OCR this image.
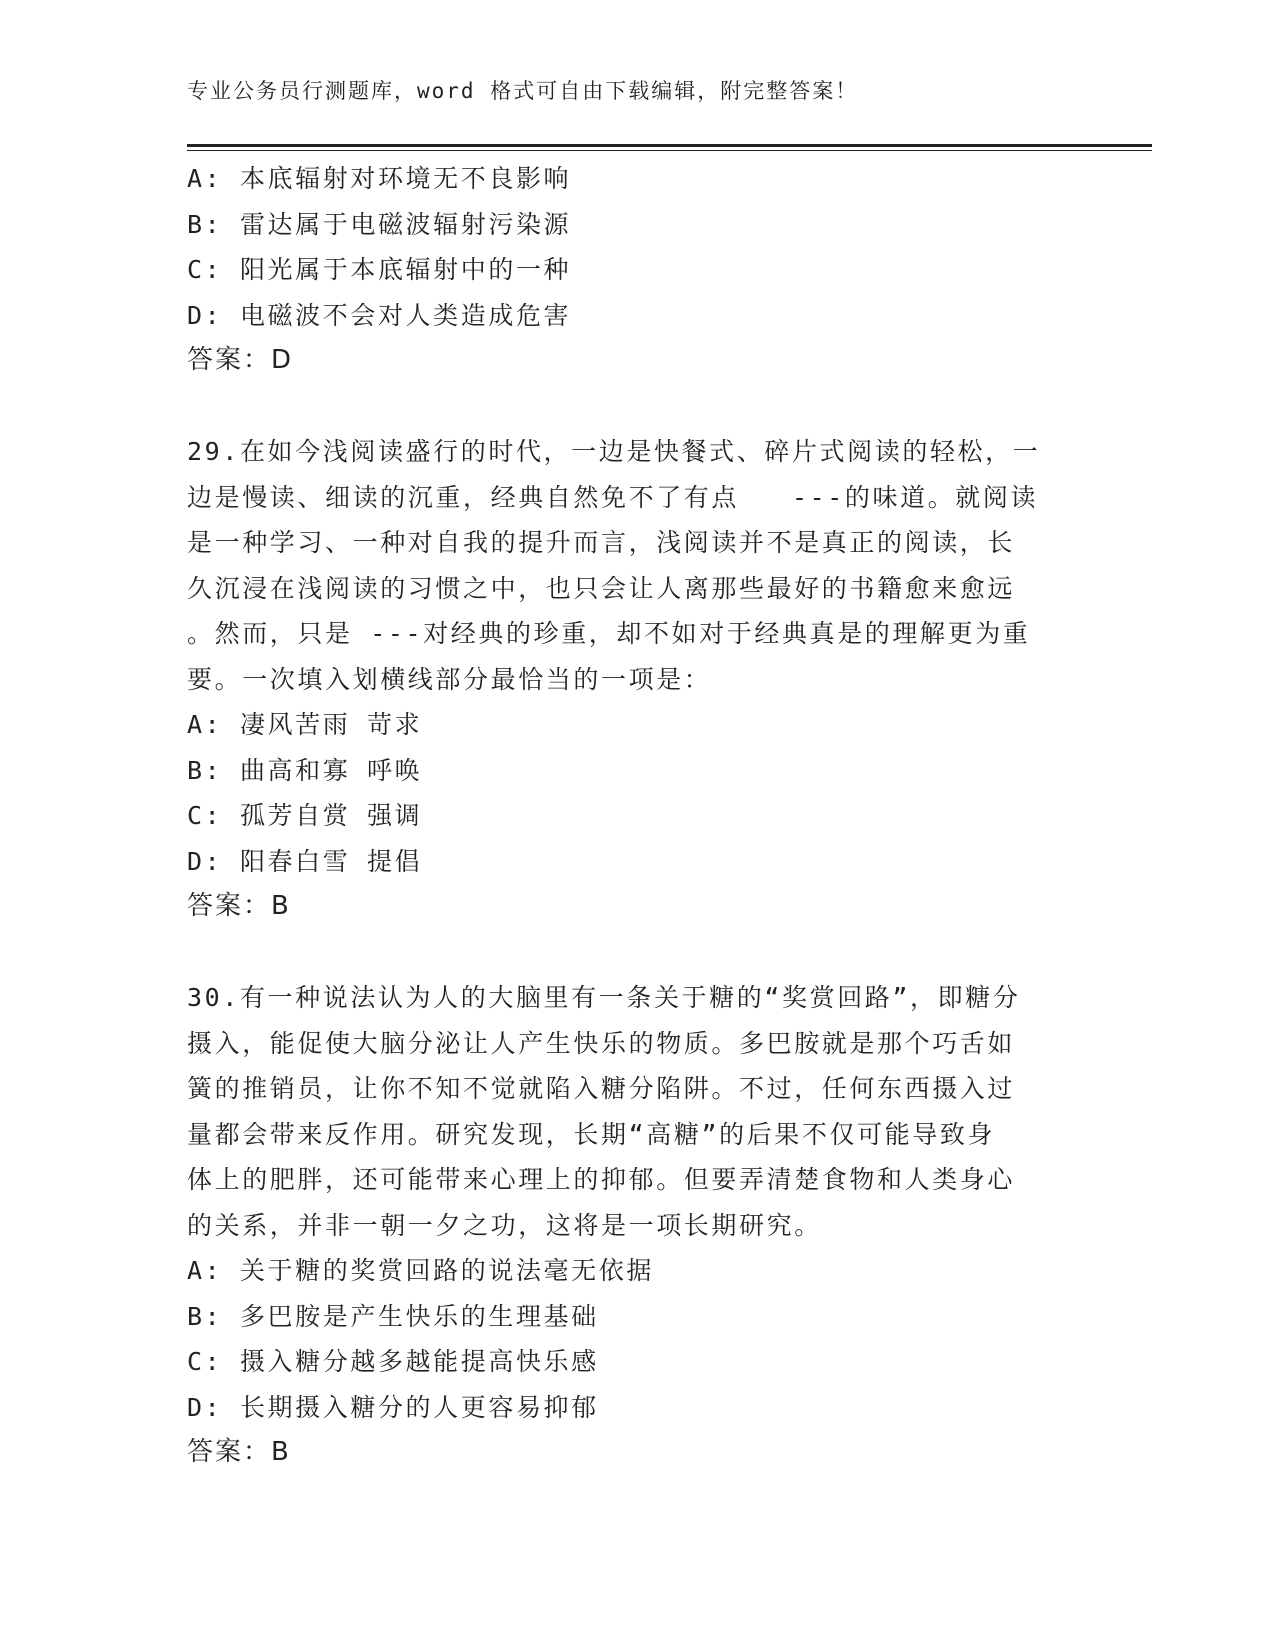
专业公务员行测题库，word 格式可自由下载编辑，附完整答案！
A: 本底辐射对环境无不良影响
B: 雷达属于电磁波辐射污染源
C: 阳光属于本底辐射中的一种
D: 电磁波不会对人类造成危害
答案：D
29.在如今浅阅读盛行的时代，一边是快餐式、碎片式阅读的轻松，一
边是慢读、细读的沉重，经典自然免不了有点   ---的味道。就阅读
是一种学习、一种对自我的提升而言，浅阅读并不是真正的阅读，长
久沉浸在浅阅读的习惯之中，也只会让人离那些最好的书籍愈来愈远
。然而，只是 ---对经典的珍重，却不如对于经典真是的理解更为重
要。一次填入划横线部分最恰当的一项是：
A: 凄风苦雨 苛求
B: 曲高和寡 呼唤
C: 孤芳自赏 强调
D: 阳春白雪 提倡
答案：B
30.有一种说法认为人的大脑里有一条关于糖的“奖赏回路”，即糖分
摄入，能促使大脑分泌让人产生快乐的物质。多巴胺就是那个巧舌如
簧的推销员，让你不知不觉就陷入糖分陷阱。不过，任何东西摄入过
量都会带来反作用。研究发现，长期“高糖”的后果不仅可能导致身
体上的肥胖，还可能带来心理上的抑郁。但要弄清楚食物和人类身心
的关系，并非一朝一夕之功，这将是一项长期研究。
A: 关于糖的奖赏回路的说法毫无依据
B: 多巴胺是产生快乐的生理基础
C: 摄入糖分越多越能提高快乐感
D: 长期摄入糖分的人更容易抑郁
答案：B
